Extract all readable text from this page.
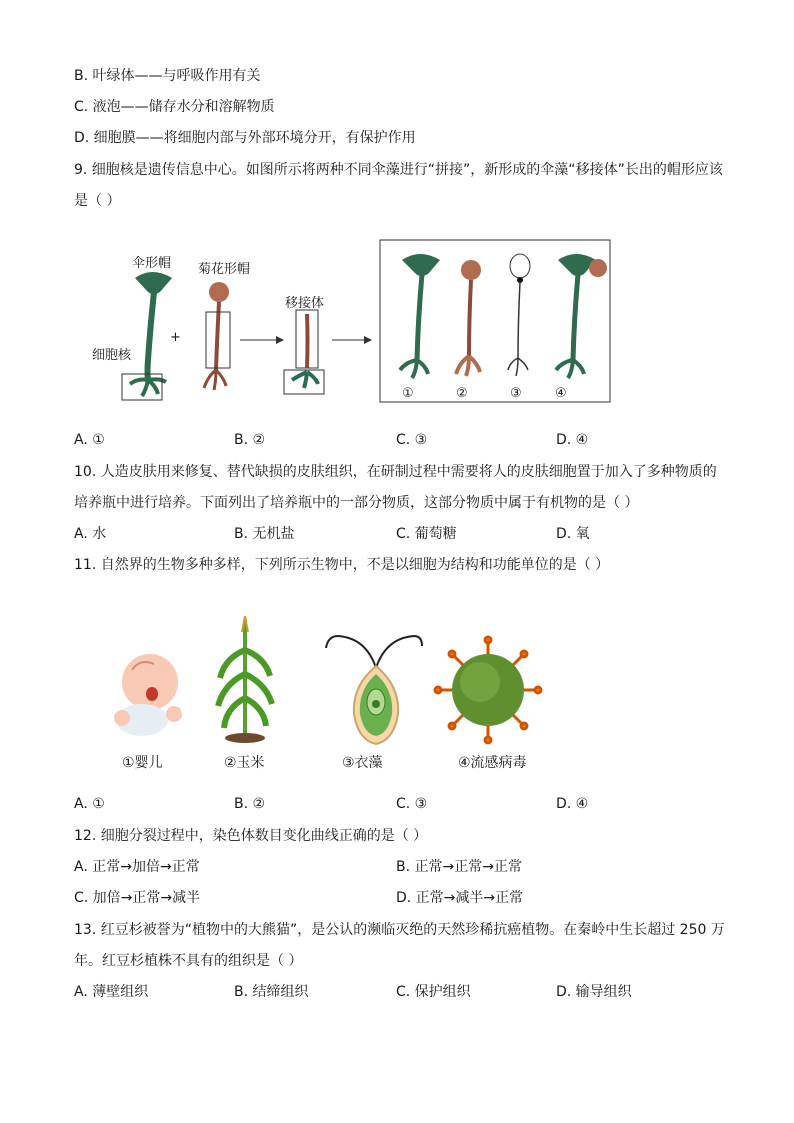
B. 叶绿体——与呼吸作用有关
C. 液泡——储存水分和溶解物质
D. 细胞膜——将细胞内部与外部环境分开，有保护作用
9. 细胞核是遗传信息中心。如图所示将两种不同伞藻进行“拼接”，新形成的伞藻“移接体”长出的帽形应该
是（ ）
伞形帽 菊花形帽
移接体
细胞核
+
①	②	③	④
A. ①	B. ②	C. ③	D. ④
10. 人造皮肤用来修复、替代缺损的皮肤组织，在研制过程中需要将人的皮肤细胞置于加入了多种物质的
培养瓶中进行培养。下面列出了培养瓶中的一部分物质，这部分物质中属于有机物的是（ ）
A. 水	B. 无机盐	C. 葡萄糖	D. 氧
11. 自然界的生物多种多样，下列所示生物中，不是以细胞为结构和功能单位的是（ ）
①婴儿	②玉米	③衣藻	④流感病毒
A. ①	B. ②	C. ③	D. ④
12. 细胞分裂过程中，染色体数目变化曲线正确的是（ ）
A. 正常→加倍→正常	B. 正常→正常→正常
C. 加倍→正常→减半	D. 正常→减半→正常
13. 红豆杉被誉为“植物中的大熊猫”，是公认的濒临灭绝的天然珍稀抗癌植物。在秦岭中生长超过 250 万
年。红豆杉植株不具有的组织是（ ）
A. 薄壁组织	B. 结缔组织	C. 保护组织	D. 输导组织
